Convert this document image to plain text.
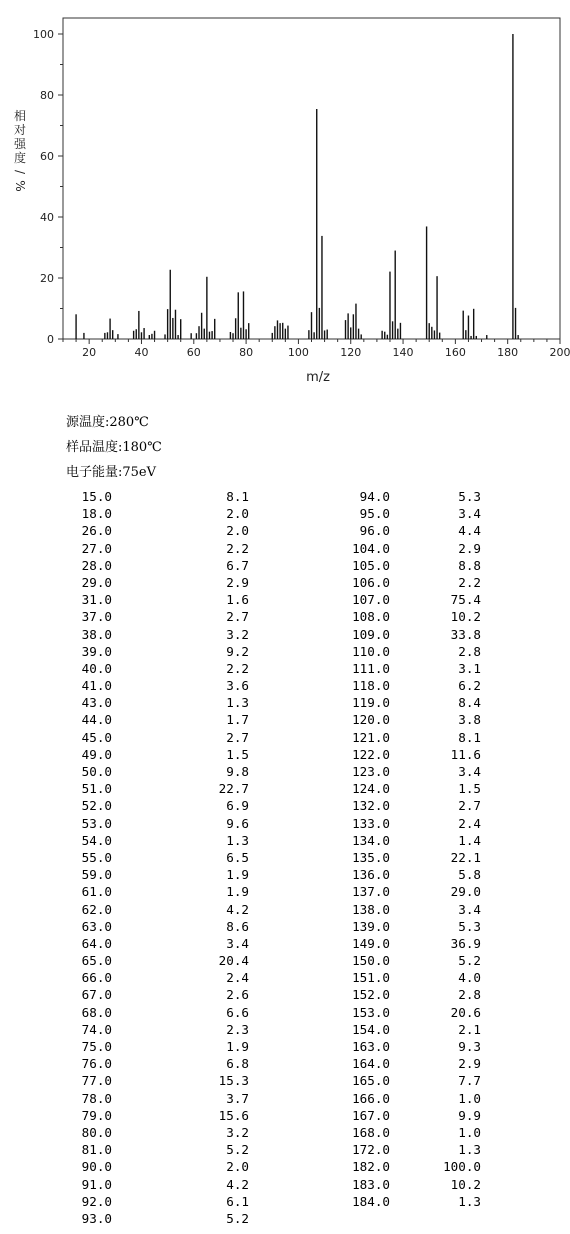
20	40	60	80	100	120	140	160	180	200
0
20
40
60
80
100
m/z
相
对
强
度
/
%
源温度:280℃
样品温度:180℃
电子能量:75eV
15.0	8.1
18.0	2.0
26.0	2.0
27.0	2.2
28.0	6.7
29.0	2.9
31.0	1.6
37.0	2.7
38.0	3.2
39.0	9.2
40.0	2.2
41.0	3.6
43.0	1.3
44.0	1.7
45.0	2.7
49.0	1.5
50.0	9.8
51.0	22.7
52.0	6.9
53.0	9.6
54.0	1.3
55.0	6.5
59.0	1.9
61.0	1.9
62.0	4.2
63.0	8.6
64.0	3.4
65.0	20.4
66.0	2.4
67.0	2.6
68.0	6.6
74.0	2.3
75.0	1.9
76.0	6.8
77.0	15.3
78.0	3.7
79.0	15.6
80.0	3.2
81.0	5.2
90.0	2.0
91.0	4.2
92.0	6.1
93.0	5.2
94.0	5.3
95.0	3.4
96.0	4.4
104.0	2.9
105.0	8.8
106.0	2.2
107.0	75.4
108.0	10.2
109.0	33.8
110.0	2.8
111.0	3.1
118.0	6.2
119.0	8.4
120.0	3.8
121.0	8.1
122.0	11.6
123.0	3.4
124.0	1.5
132.0	2.7
133.0	2.4
134.0	1.4
135.0	22.1
136.0	5.8
137.0	29.0
138.0	3.4
139.0	5.3
149.0	36.9
150.0	5.2
151.0	4.0
152.0	2.8
153.0	20.6
154.0	2.1
163.0	9.3
164.0	2.9
165.0	7.7
166.0	1.0
167.0	9.9
168.0	1.0
172.0	1.3
182.0	100.0
183.0	10.2
184.0	1.3
